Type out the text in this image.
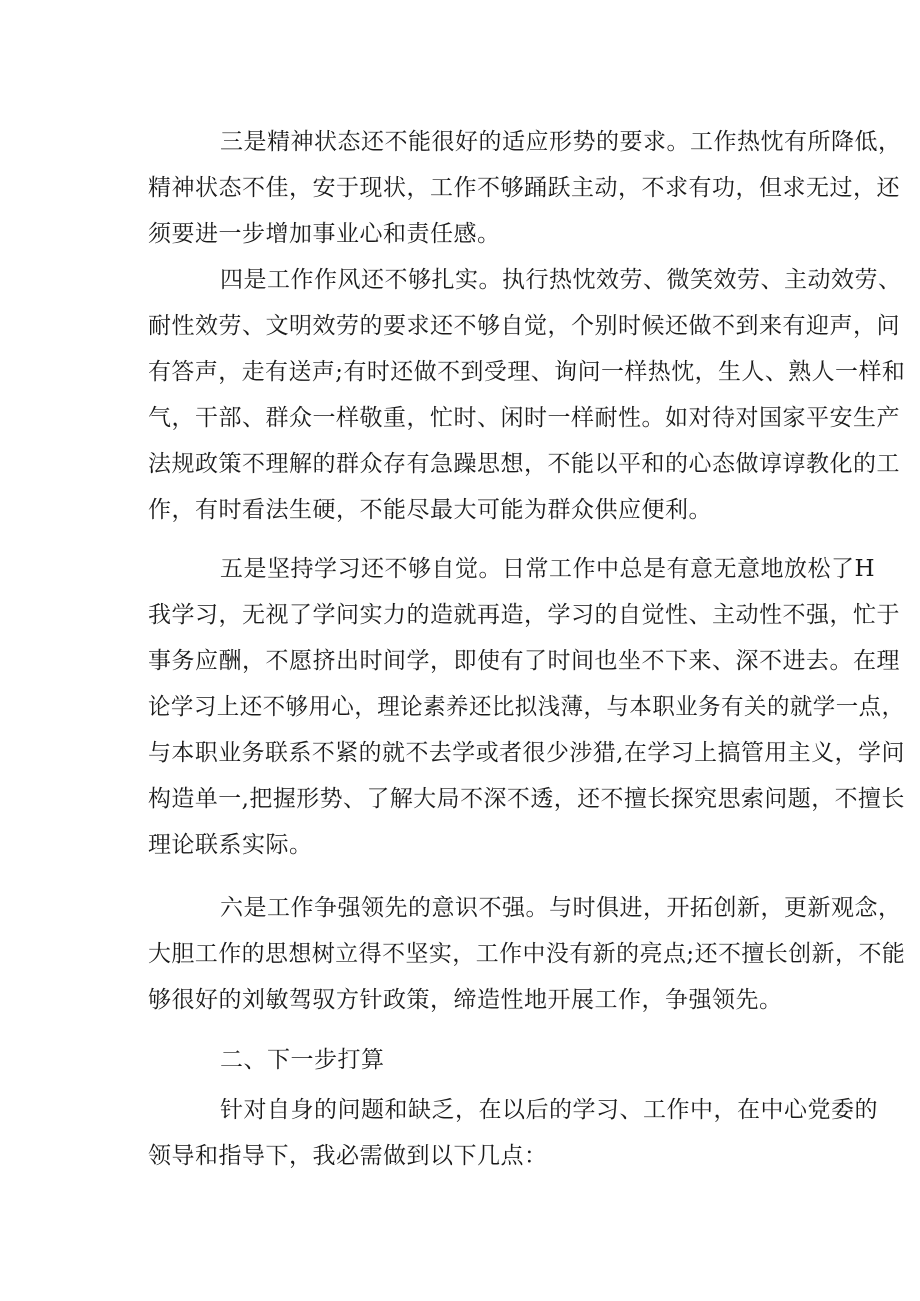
三是精神状态还不能很好的适应形势的要求。工作热忱有所降低，
精神状态不佳，安于现状，工作不够踊跃主动，不求有功，但求无过，还
须要进一步增加事业心和责任感。
四是工作作风还不够扎实。执行热忱效劳、微笑效劳、主动效劳、
耐性效劳、文明效劳的要求还不够自觉，个别时候还做不到来有迎声，问
有答声，走有送声;有时还做不到受理、询问一样热忱，生人、熟人一样和
气，干部、群众一样敬重，忙时、闲时一样耐性。如对待对国家平安生产
法规政策不理解的群众存有急躁思想，不能以平和的心态做谆谆教化的工
作，有时看法生硬，不能尽最大可能为群众供应便利。
五是坚持学习还不够自觉。日常工作中总是有意无意地放松了H
我学习，无视了学问实力的造就再造，学习的自觉性、主动性不强，忙于
事务应酬，不愿挤出时间学，即使有了时间也坐不下来、深不进去。在理
论学习上还不够用心，理论素养还比拟浅薄，与本职业务有关的就学一点，
与本职业务联系不紧的就不去学或者很少涉猎,在学习上搞管用主义，学问
构造单一,把握形势、了解大局不深不透，还不擅长探究思索问题，不擅长
理论联系实际。
六是工作争强领先的意识不强。与时俱进，开拓创新，更新观念，
大胆工作的思想树立得不坚实，工作中没有新的亮点;还不擅长创新，不能
够很好的刘敏驾驭方针政策，缔造性地开展工作，争强领先。
二、下一步打算
针对自身的问题和缺乏，在以后的学习、工作中，在中心党委的
领导和指导下，我必需做到以下几点：
